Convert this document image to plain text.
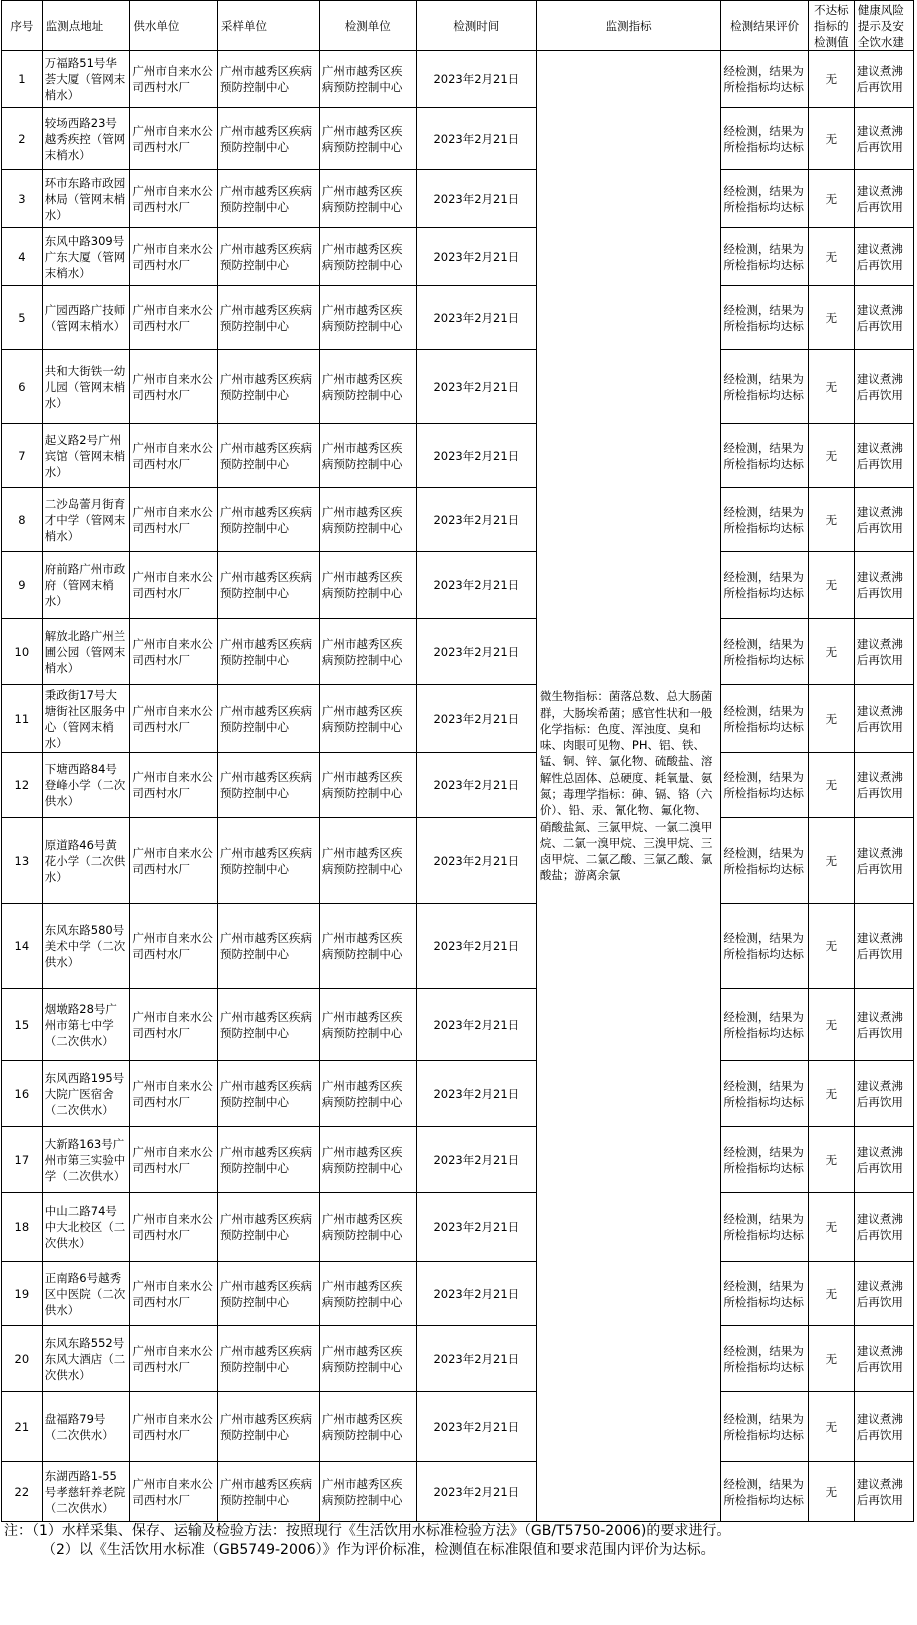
序号	监测点地址	供水单位	采样单位	检测单位	检测时间	监测指标	检测结果评价	不达标指标的检测值	健康风险提示及安全饮水建
1	万福路51号华荟大厦（管网末梢水）	广州市自来水公司西村水厂	广州市越秀区疾病预防控制中心	广州市越秀区疾病预防控制中心	2023年2月21日	微生物指标：菌落总数、总大肠菌群，大肠埃希菌；感官性状和一般化学指标：色度、浑浊度、臭和味、肉眼可见物、PH、铝、铁、锰、铜、锌、氯化物、硫酸盐、溶解性总固体、总硬度、耗氧量、氨氮；毒理学指标：砷、镉、铬（六价）、铅、汞、氰化物、氟化物、硝酸盐氮、三氯甲烷、一氯二溴甲烷、二氯一溴甲烷、三溴甲烷、三卤甲烷、二氯乙酸、三氯乙酸、氯酸盐；游离余氯	经检测，结果为所检指标均达标	无	建议煮沸后再饮用
2	较场西路23号越秀疾控（管网末梢水）	广州市自来水公司西村水厂	广州市越秀区疾病预防控制中心	广州市越秀区疾病预防控制中心	2023年2月21日		经检测，结果为所检指标均达标	无	建议煮沸后再饮用
3	环市东路市政园林局（管网末梢水）	广州市自来水公司西村水厂	广州市越秀区疾病预防控制中心	广州市越秀区疾病预防控制中心	2023年2月21日		经检测，结果为所检指标均达标	无	建议煮沸后再饮用
4	东风中路309号广东大厦（管网末梢水）	广州市自来水公司西村水厂	广州市越秀区疾病预防控制中心	广州市越秀区疾病预防控制中心	2023年2月21日		经检测，结果为所检指标均达标	无	建议煮沸后再饮用
5	广园西路广技师（管网末梢水）	广州市自来水公司西村水厂	广州市越秀区疾病预防控制中心	广州市越秀区疾病预防控制中心	2023年2月21日		经检测，结果为所检指标均达标	无	建议煮沸后再饮用
6	共和大街铁一幼儿园（管网末梢水）	广州市自来水公司西村水厂	广州市越秀区疾病预防控制中心	广州市越秀区疾病预防控制中心	2023年2月21日		经检测，结果为所检指标均达标	无	建议煮沸后再饮用
7	起义路2号广州宾馆（管网末梢水）	广州市自来水公司西村水厂	广州市越秀区疾病预防控制中心	广州市越秀区疾病预防控制中心	2023年2月21日		经检测，结果为所检指标均达标	无	建议煮沸后再饮用
8	二沙岛蕾月街育才中学（管网末梢水）	广州市自来水公司西村水厂	广州市越秀区疾病预防控制中心	广州市越秀区疾病预防控制中心	2023年2月21日		经检测，结果为所检指标均达标	无	建议煮沸后再饮用
9	府前路广州市政府（管网末梢水）	广州市自来水公司西村水厂	广州市越秀区疾病预防控制中心	广州市越秀区疾病预防控制中心	2023年2月21日		经检测，结果为所检指标均达标	无	建议煮沸后再饮用
10	解放北路广州兰圃公园（管网末梢水）	广州市自来水公司西村水厂	广州市越秀区疾病预防控制中心	广州市越秀区疾病预防控制中心	2023年2月21日		经检测，结果为所检指标均达标	无	建议煮沸后再饮用
11	秉政街17号大塘街社区服务中心（管网末梢水）	广州市自来水公司西村水厂	广州市越秀区疾病预防控制中心	广州市越秀区疾病预防控制中心	2023年2月21日		经检测，结果为所检指标均达标	无	建议煮沸后再饮用
12	下塘西路84号登峰小学（二次供水）	广州市自来水公司西村水厂	广州市越秀区疾病预防控制中心	广州市越秀区疾病预防控制中心	2023年2月21日		经检测，结果为所检指标均达标	无	建议煮沸后再饮用
13	原道路46号黄花小学（二次供水）	广州市自来水公司西村水厂	广州市越秀区疾病预防控制中心	广州市越秀区疾病预防控制中心	2023年2月21日		经检测，结果为所检指标均达标	无	建议煮沸后再饮用
14	东风东路580号美术中学（二次供水）	广州市自来水公司西村水厂	广州市越秀区疾病预防控制中心	广州市越秀区疾病预防控制中心	2023年2月21日		经检测，结果为所检指标均达标	无	建议煮沸后再饮用
15	烟墩路28号广州市第七中学（二次供水）	广州市自来水公司西村水厂	广州市越秀区疾病预防控制中心	广州市越秀区疾病预防控制中心	2023年2月21日		经检测，结果为所检指标均达标	无	建议煮沸后再饮用
16	东风西路195号大院广医宿舍（二次供水）	广州市自来水公司西村水厂	广州市越秀区疾病预防控制中心	广州市越秀区疾病预防控制中心	2023年2月21日		经检测，结果为所检指标均达标	无	建议煮沸后再饮用
17	大新路163号广州市第三实验中学（二次供水）	广州市自来水公司西村水厂	广州市越秀区疾病预防控制中心	广州市越秀区疾病预防控制中心	2023年2月21日		经检测，结果为所检指标均达标	无	建议煮沸后再饮用
18	中山二路74号中大北校区（二次供水）	广州市自来水公司西村水厂	广州市越秀区疾病预防控制中心	广州市越秀区疾病预防控制中心	2023年2月21日		经检测，结果为所检指标均达标	无	建议煮沸后再饮用
19	正南路6号越秀区中医院（二次供水）	广州市自来水公司西村水厂	广州市越秀区疾病预防控制中心	广州市越秀区疾病预防控制中心	2023年2月21日		经检测，结果为所检指标均达标	无	建议煮沸后再饮用
20	东风东路552号东风大酒店（二次供水）	广州市自来水公司西村水厂	广州市越秀区疾病预防控制中心	广州市越秀区疾病预防控制中心	2023年2月21日		经检测，结果为所检指标均达标	无	建议煮沸后再饮用
21	盘福路79号（二次供水）	广州市自来水公司西村水厂	广州市越秀区疾病预防控制中心	广州市越秀区疾病预防控制中心	2023年2月21日		经检测，结果为所检指标均达标	无	建议煮沸后再饮用
22	东湖西路1-55号孝慈轩养老院（二次供水）	广州市自来水公司西村水厂	广州市越秀区疾病预防控制中心	广州市越秀区疾病预防控制中心	2023年2月21日		经检测，结果为所检指标均达标	无	建议煮沸后再饮用
注：（1）水样采集、保存、运输及检验方法：按照现行《生活饮用水标准检验方法》（GB/T5750-2006)的要求进行。
（2）以《生活饮用水标准（GB5749-2006）》作为评价标准，检测值在标准限值和要求范围内评价为达标。
